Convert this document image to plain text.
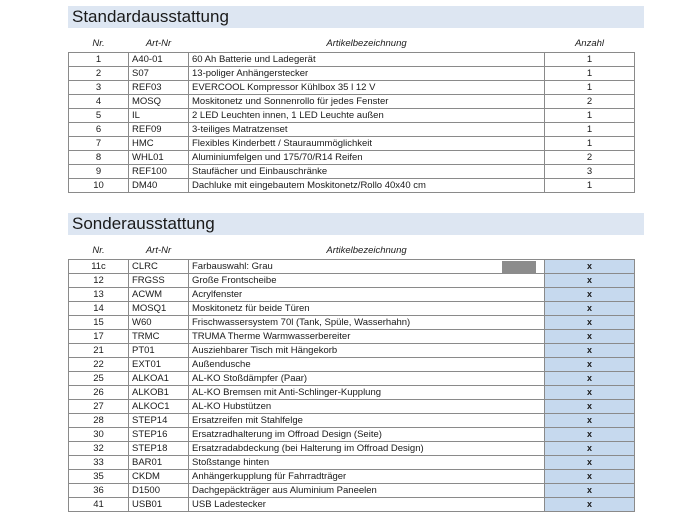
Standardausstattung
Nr.	Art-Nr	Artikelbezeichnung	Anzahl
1	A40-01	60 Ah Batterie und Ladegerät	1
2	S07	13-poliger Anhängerstecker	1
3	REF03	EVERCOOL Kompressor Kühlbox 35 l 12 V	1
4	MOSQ	Moskitonetz und Sonnenrollo für jedes Fenster	2
5	IL	2 LED Leuchten innen, 1 LED Leuchte außen	1
6	REF09	3-teiliges Matratzenset	1
7	HMC	Flexibles Kinderbett / Stauraummöglichkeit	1
8	WHL01	Aluminiumfelgen und 175/70/R14 Reifen	2
9	REF100	Staufächer und Einbauschränke	3
10	DM40	Dachluke mit eingebautem Moskitonetz/Rollo 40x40 cm	1
Sonderausstattung
Nr.	Art-Nr	Artikelbezeichnung	
11c	CLRC	Farbauswahl: Grau	x
12	FRGSS	Große Frontscheibe	x
13	ACWM	Acrylfenster	x
14	MOSQ1	Moskitonetz für beide Türen	x
15	W60	Frischwassersystem 70l (Tank, Spüle, Wasserhahn)	x
17	TRMC	TRUMA Therme Warmwasserbereiter	x
21	PT01	Ausziehbarer Tisch mit Hängekorb	x
22	EXT01	Außendusche	x
25	ALKOA1	AL-KO Stoßdämpfer (Paar)	x
26	ALKOB1	AL-KO Bremsen mit Anti-Schlinger-Kupplung	x
27	ALKOC1	AL-KO Hubstützen	x
28	STEP14	Ersatzreifen mit Stahlfelge	x
30	STEP16	Ersatzradhalterung im Offroad Design (Seite)	x
32	STEP18	Ersatzradabdeckung (bei Halterung im Offroad Design)	x
33	BAR01	Stoßstange hinten	x
35	CKDM	Anhängerkupplung für Fahrradträger	x
36	D1500	Dachgepäckträger aus Aluminium Paneelen	x
41	USB01	USB Ladestecker	x
